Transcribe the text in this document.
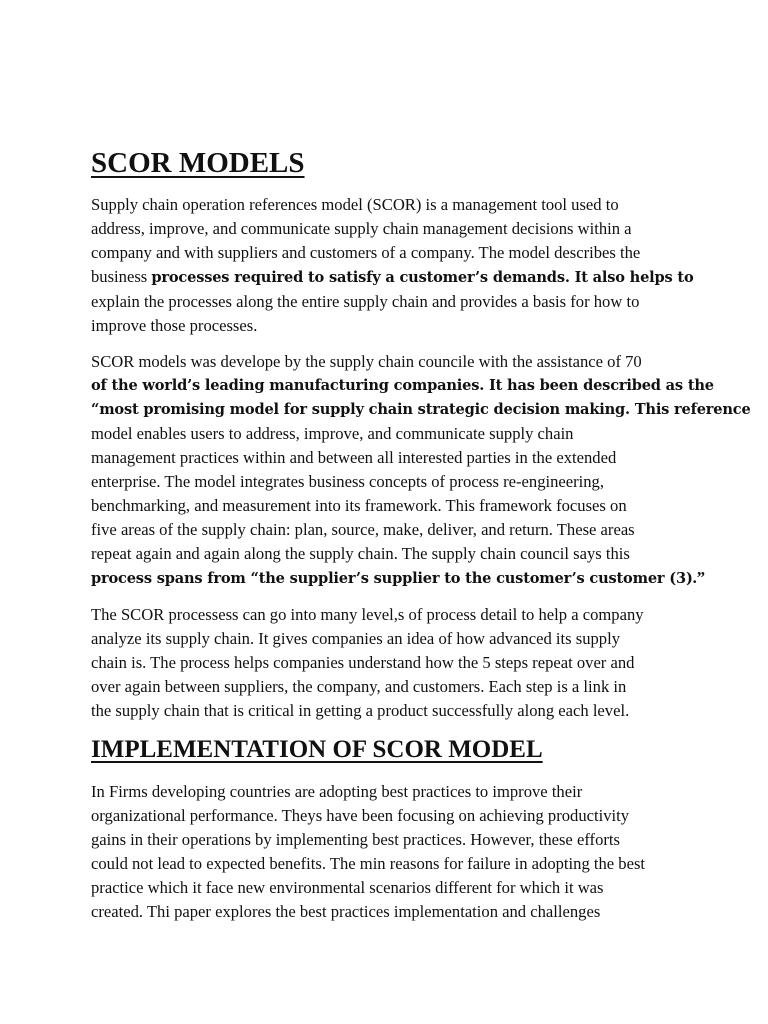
SCOR MODELS

Supply chain operation references model (SCOR) is a management tool used to
address, improve, and communicate supply chain management decisions within a
company and with suppliers and customers of a company. The model describes the
business processes required to satisfy a customer’s demands. It also helps to
explain the processes along the entire supply chain and provides a basis for how to
improve those processes.

SCOR models was develope by the supply chain councile with the assistance of 70
of the world’s leading manufacturing companies. It has been described as the
“most promising model for supply chain strategic decision making. This reference
model enables users to address, improve, and communicate supply chain
management practices within and between all interested parties in the extended
enterprise. The model integrates business concepts of process re-engineering,
benchmarking, and measurement into its framework. This framework focuses on
five areas of the supply chain: plan, source, make, deliver, and return. These areas
repeat again and again along the supply chain. The supply chain council says this
process spans from “the supplier’s supplier to the customer’s customer (3).”

The SCOR processess can go into many level,s of process detail to help a company
analyze its supply chain. It gives companies an idea of how advanced its supply
chain is. The process helps companies understand how the 5 steps repeat over and
over again between suppliers, the company, and customers. Each step is a link in
the supply chain that is critical in getting a product successfully along each level.

IMPLEMENTATION OF SCOR MODEL

In Firms developing countries are adopting best practices to improve their
organizational performance. Theys have been focusing on achieving productivity
gains in their operations by implementing best practices. However, these efforts
could not lead to expected benefits. The min reasons for failure in adopting the best
practice which it face new environmental scenarios different for which it was
created. Thi paper explores the best practices implementation and challenges
